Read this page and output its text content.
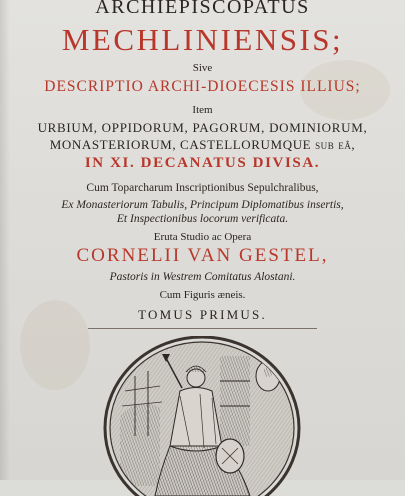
ARCHIEPISCOPATUS
MECHLINIENSIS;
Sive
DESCRIPTIO ARCHI-DIOECESIS ILLIUS;
Item
URBIUM, OPPIDORUM, PAGORUM, DOMINIORUM,
MONASTERIORUM, CASTELLORUMQUE sub eâ,
IN XI. DECANATUS DIVISA.
Cum Toparcharum Inscriptionibus Sepulchralibus,
Ex Monasteriorum Tabulis, Principum Diplomatibus insertis,
Et Inspectionibus locorum verificata.
Eruta Studio ac Opera
CORNELII VAN GESTEL,
Pastoris in Westrem Comitatus Alostani.
Cum Figuris æneis.
TOMUS PRIMUS.
